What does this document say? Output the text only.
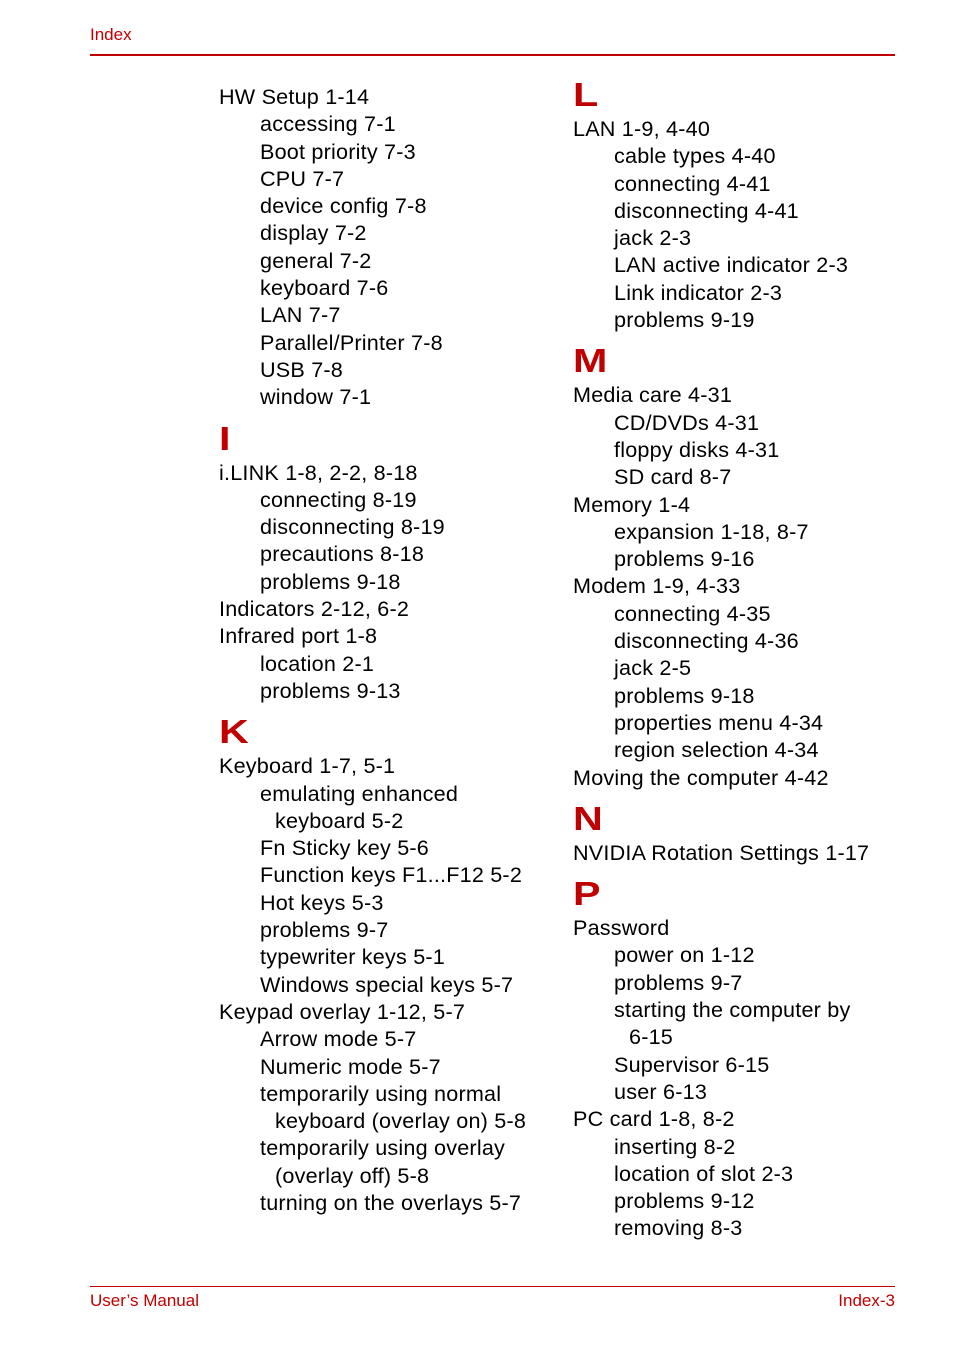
Index
HW Setup 1-14
accessing 7-1
Boot priority 7-3
CPU 7-7
device config 7-8
display 7-2
general 7-2
keyboard 7-6
LAN 7-7
Parallel/Printer 7-8
USB 7-8
window 7-1
I
i.LINK 1-8, 2-2, 8-18
connecting 8-19
disconnecting 8-19
precautions 8-18
problems 9-18
Indicators 2-12, 6-2
Infrared port 1-8
location 2-1
problems 9-13
K
Keyboard 1-7, 5-1
emulating enhanced
keyboard 5-2
Fn Sticky key 5-6
Function keys F1...F12 5-2
Hot keys 5-3
problems 9-7
typewriter keys 5-1
Windows special keys 5-7
Keypad overlay 1-12, 5-7
Arrow mode 5-7
Numeric mode 5-7
temporarily using normal
keyboard (overlay on) 5-8
temporarily using overlay
(overlay off) 5-8
turning on the overlays 5-7
L
LAN 1-9, 4-40
cable types 4-40
connecting 4-41
disconnecting 4-41
jack 2-3
LAN active indicator 2-3
Link indicator 2-3
problems 9-19
M
Media care 4-31
CD/DVDs 4-31
floppy disks 4-31
SD card 8-7
Memory 1-4
expansion 1-18, 8-7
problems 9-16
Modem 1-9, 4-33
connecting 4-35
disconnecting 4-36
jack 2-5
problems 9-18
properties menu 4-34
region selection 4-34
Moving the computer 4-42
N
NVIDIA Rotation Settings 1-17
P
Password
power on 1-12
problems 9-7
starting the computer by
6-15
Supervisor 6-15
user 6-13
PC card 1-8, 8-2
inserting 8-2
location of slot 2-3
problems 9-12
removing 8-3
User’s Manual	Index-3
